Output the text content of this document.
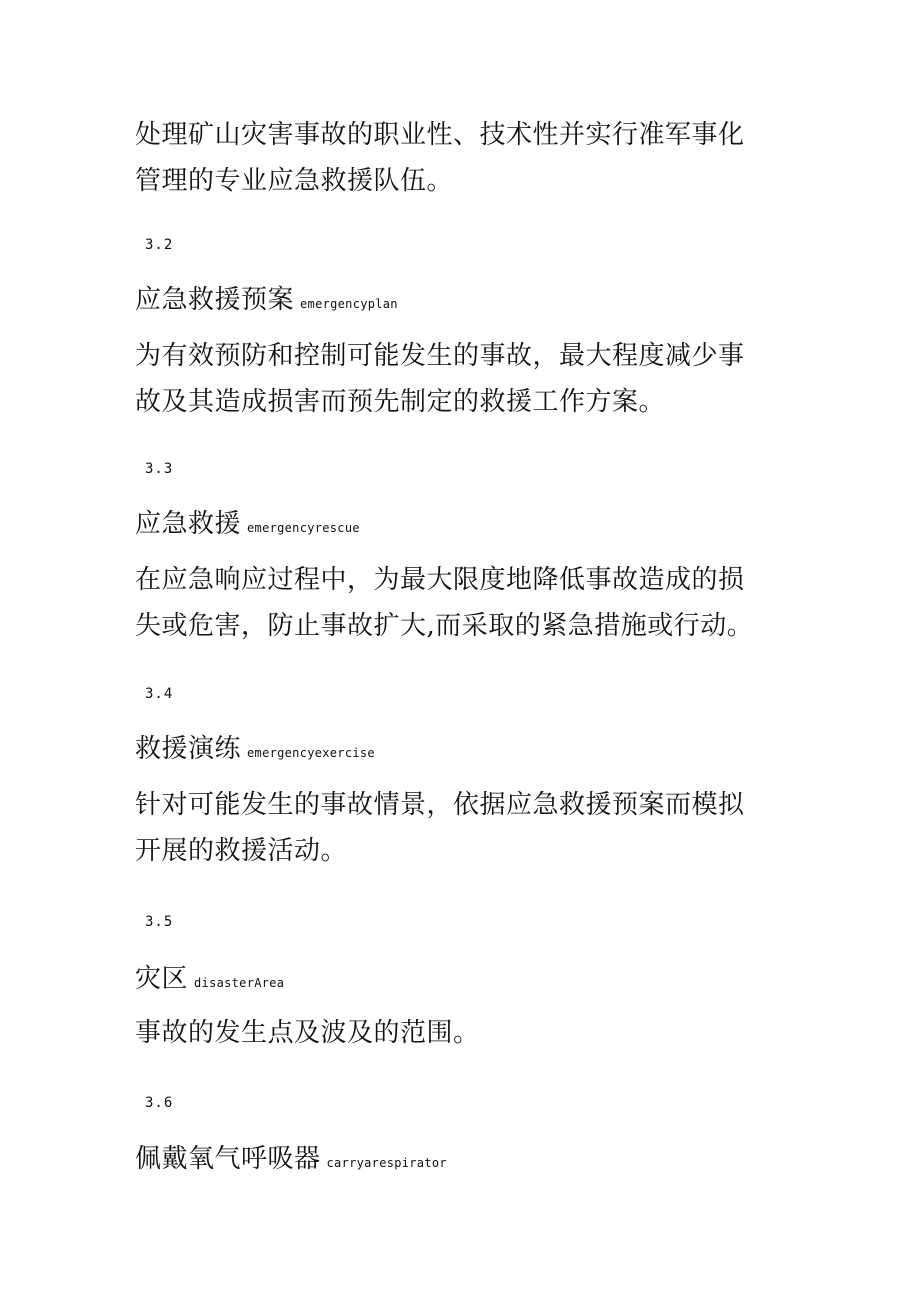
处理矿山灾害事故的职业性、技术性并实行准军事化
管理的专业应急救援队伍。

3.2

应急救援预案 emergencyplan

为有效预防和控制可能发生的事故，最大程度减少事
故及其造成损害而预先制定的救援工作方案。

3.3

应急救援 emergencyrescue

在应急响应过程中，为最大限度地降低事故造成的损
失或危害，防止事故扩大,而采取的紧急措施或行动。

3.4

救援演练 emergencyexercise

针对可能发生的事故情景，依据应急救援预案而模拟
开展的救援活动。

3.5

灾区 disasterArea

事故的发生点及波及的范围。

3.6

佩戴氧气呼吸器 carryarespirator
